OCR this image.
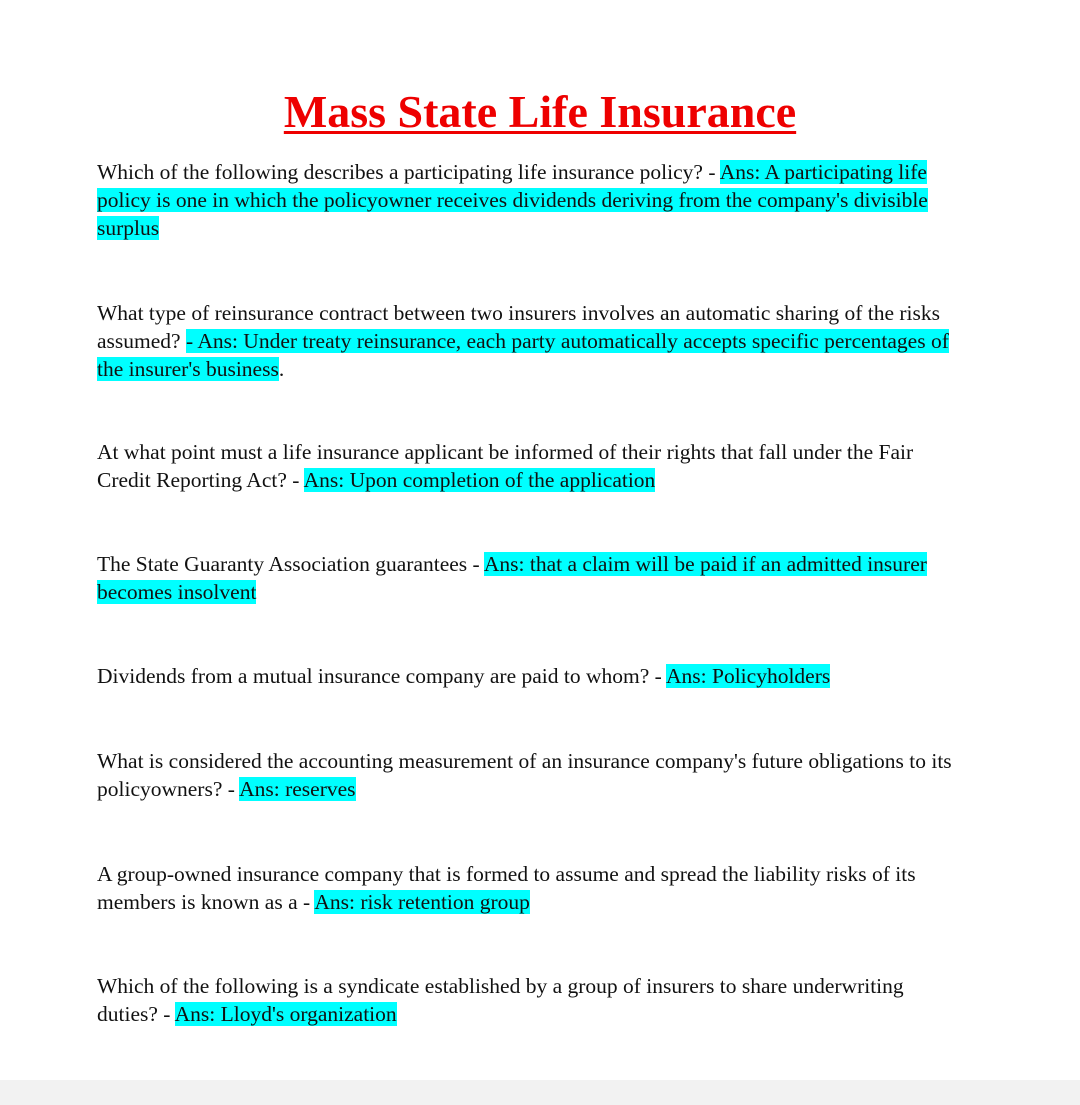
Mass State Life Insurance

Which of the following describes a participating life insurance policy? - Ans: A participating life policy is one in which the policyowner receives dividends deriving from the company's divisible surplus

What type of reinsurance contract between two insurers involves an automatic sharing of the risks assumed? - Ans: Under treaty reinsurance, each party automatically accepts specific percentages of the insurer's business.

At what point must a life insurance applicant be informed of their rights that fall under the Fair Credit Reporting Act? - Ans: Upon completion of the application

The State Guaranty Association guarantees - Ans: that a claim will be paid if an admitted insurer becomes insolvent

Dividends from a mutual insurance company are paid to whom? - Ans: Policyholders

What is considered the accounting measurement of an insurance company's future obligations to its policyowners? - Ans: reserves

A group-owned insurance company that is formed to assume and spread the liability risks of its members is known as a - Ans: risk retention group

Which of the following is a syndicate established by a group of insurers to share underwriting duties? - Ans: Lloyd's organization
